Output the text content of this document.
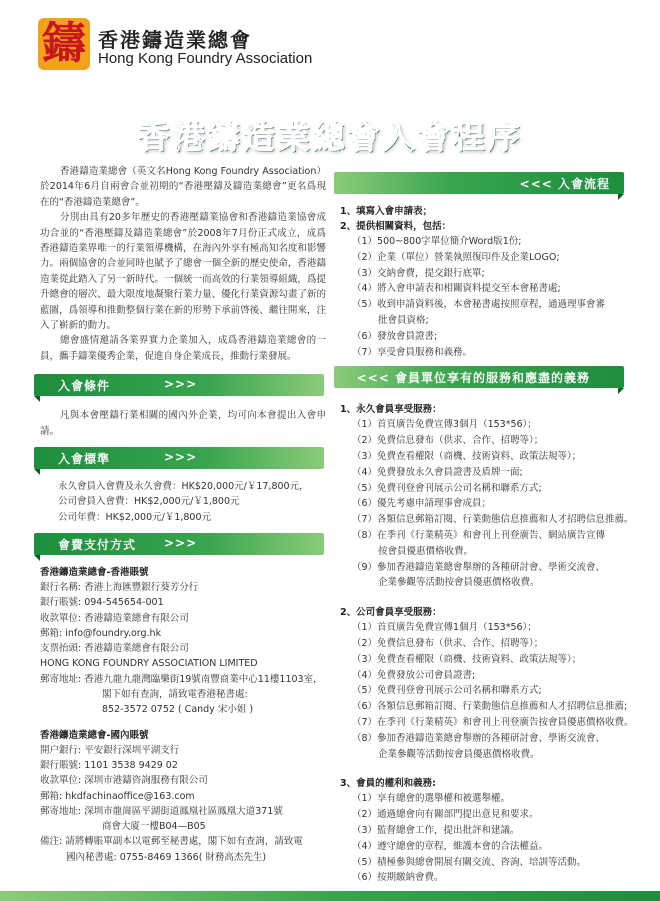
鑄 香港鑄造業總會
Hong Kong Foundry Association
香港鑄造業總會入會程序

香港鑄造業總會（英文名Hong Kong Foundry Association）於2014年6月自兩會合並初期的“香港壓鑄及鑄造業總會”更名爲現在的“香港鑄造業總會”。

分別由具有20多年歷史的香港壓鑄業協會和香港鑄造業協會成功合並的“香港壓鑄及鑄造業總會”於2008年7月份正式成立，成爲香港鑄造業界唯一的行業領導機構，在海內外享有極高知名度和影響力。兩個協會的合並同時也賦予了總會一個全新的歷史使命，香港鑄造業從此踏入了另一新時代。一個統一而高效的行業領導組織，爲提升總會的層次、最大限度地凝聚行業力量、優化行業資源勾畫了新的藍圖，爲領導和推動整個行業在新的形勢下承前啓後、繼往開來，注入了嶄新的動力。

總會盛情邀請各業界實力企業加入，成爲香港鑄造業總會的一員，攜手鑄業優秀企業，促進自身企業成長，推動行業發展。

入會條件	>>>

凡與本會壓鑄行業相關的國內外企業，均可向本會提出入會申請。

入會標準	>>>
永久會員入會費及永久會費：HK$20,000元/￥17,800元，
公司會員入會費：HK$2,000元/￥1,800元
公司年費：HK$2,000元/￥1,800元
會費支付方式 >>>
香港鑄造業總會-香港賬號
銀行名稱: 香港上海匯豐銀行葵芳分行
銀行賬號: 094-545654-001
收款單位: 香港鑄造業總會有限公司
郵箱: info@foundry.org.hk
支票抬頭: 香港鑄造業總會有限公司
HONG KONG FOUNDRY ASSOCIATION LIMITED
郵寄地址: 香港九龍九龍灣臨樂街19號南豐商業中心11樓1103室，
閣下如有查詢，請致電香港秘書處:
852-3572 0752 ( Candy 宋小姐 )
香港鑄造業總會-國內賬號
開户銀行: 平安銀行深圳平湖支行
銀行賬號: 1101 3538 9429 02
收款單位: 深圳市港鑄咨詢服務有限公司
郵箱: hkdfachinaoffice@163.com
郵寄地址: 深圳市龍崗區平湖街道鳳凰社區鳳凰大道371號
商會大廈一樓B04—B05
備注: 請將轉賬單副本以電郵至秘書處，閣下如有查詢，請致電
國內秘書處: 0755-8469 1366( 財務高杰先生)
<<< 入會流程
1、填寫入會申請表；
2、提供相關資料，包括：
（1）500~800字單位簡介Word版1份;
（2）企業（單位）營業執照復印件及企業LOGO;
（3）交納會費，提交銀行底單;
（4）將入會申請表和相關資料提交至本會秘書處;
（5）收到申請資料後，本會秘書處按照章程，通過理事會審
批會員資格;
（6）發放會員證書;
（7）享受會員服務和義務。
<<< 會員單位享有的服務和應盡的義務
1、永久會員享受服務：
（1）首頁廣告免費宣傳3個月（153*56）；
（2）免費信息發布（供求、合作、招聘等）；
（3）免費查看權限（商機、技術資料、政策法規等）；
（4）免費發放永久會員證書及盾牌一面;
（5）免費刊登會刊展示公司名稱和聯系方式;
（6）優先考慮申請理事會成員；
（7）各類信息郵箱訂閱、行業動態信息推薦和人才招聘信息推薦。
（8）在季刊《行業精英》和會刊上刊登廣告、網站廣告宣傳
按會員優惠價格收費。
（9）參加香港鑄造業總會舉辦的各種研討會、學術交流會、
企業參觀等活動按會員優惠價格收費。
2、公司會員享受服務：
（1）首頁廣告免費宣傳1個月（153*56）；
（2）免費信息發布（供求、合作、招聘等）；
（3）免費查看權限（商機、技術資料、政策法規等）；
（4）免費發放公司會員證書;
（5）免費刊登會刊展示公司名稱和聯系方式;
（6）各類信息郵箱訂閱、行業動態信息推薦和人才招聘信息推薦;
（7）在季刊《行業精英》和會刊上刊登廣告按會員優惠價格收費。
（8）參加香港鑄造業總會舉辦的各種研討會、學術交流會、
企業參觀等活動按會員優惠價格收費。
3、會員的權利和義務:
（1）享有總會的選舉權和被選舉權。
（2）通過總會向有關部門提出意見和要求。
（3）監督總會工作，提出批評和建議。
（4）遵守總會的章程，維護本會的合法權益。
（5）積極參與總會開展有關交流、咨詢、培訓等活動。
（6）按期繳納會費。
